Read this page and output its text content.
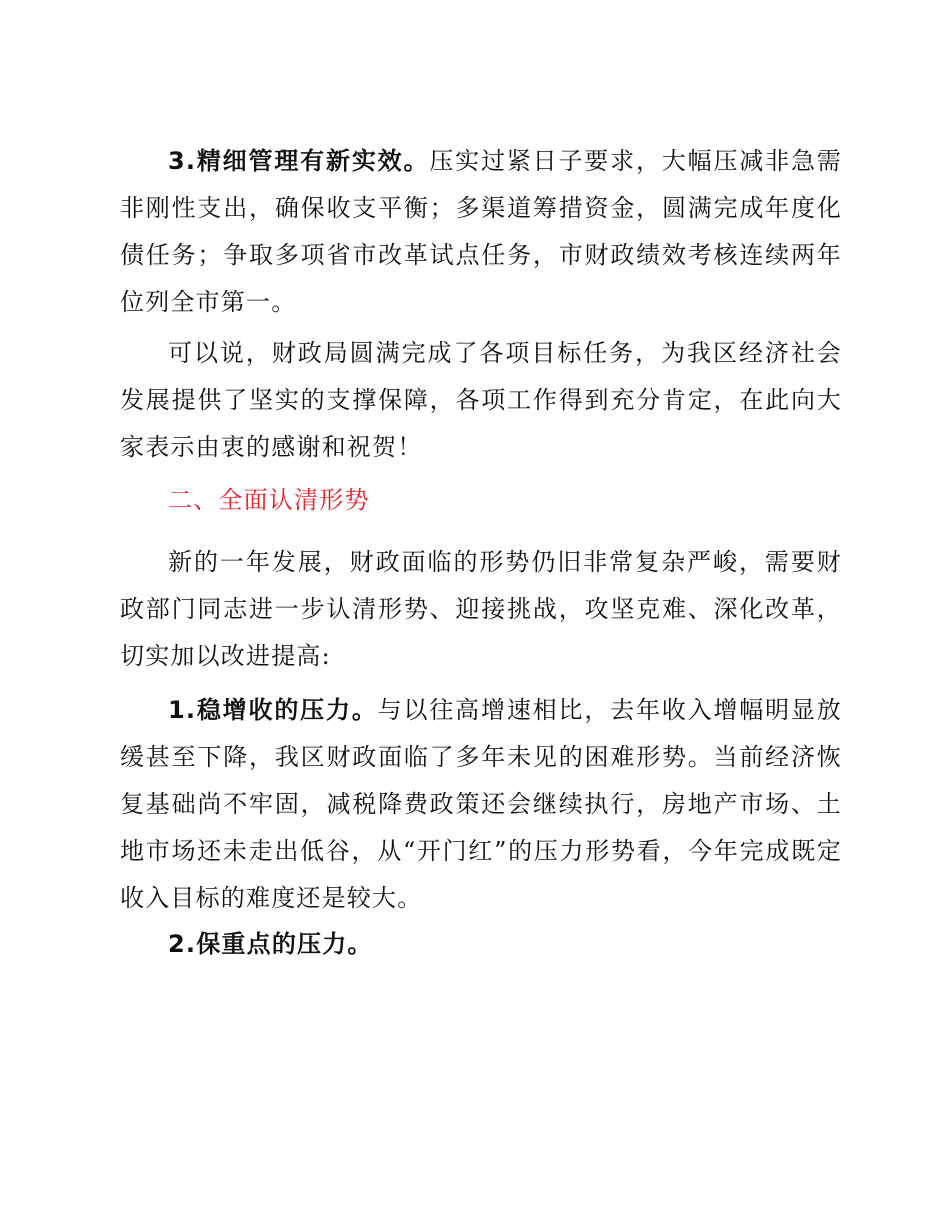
3.精细管理有新实效。压实过紧日子要求，大幅压减非急需非刚性支出，确保收支平衡；多渠道筹措资金，圆满完成年度化债任务；争取多项省市改革试点任务，市财政绩效考核连续两年位列全市第一。

可以说，财政局圆满完成了各项目标任务，为我区经济社会发展提供了坚实的支撑保障，各项工作得到充分肯定，在此向大家表示由衷的感谢和祝贺！

二、全面认清形势

新的一年发展，财政面临的形势仍旧非常复杂严峻，需要财政部门同志进一步认清形势、迎接挑战，攻坚克难、深化改革，切实加以改进提高:

1.稳增收的压力。与以往高增速相比，去年收入增幅明显放缓甚至下降，我区财政面临了多年未见的困难形势。当前经济恢复基础尚不牢固，减税降费政策还会继续执行，房地产市场、土地市场还未走出低谷，从“开门红”的压力形势看，今年完成既定收入目标的难度还是较大。

2.保重点的压力。
